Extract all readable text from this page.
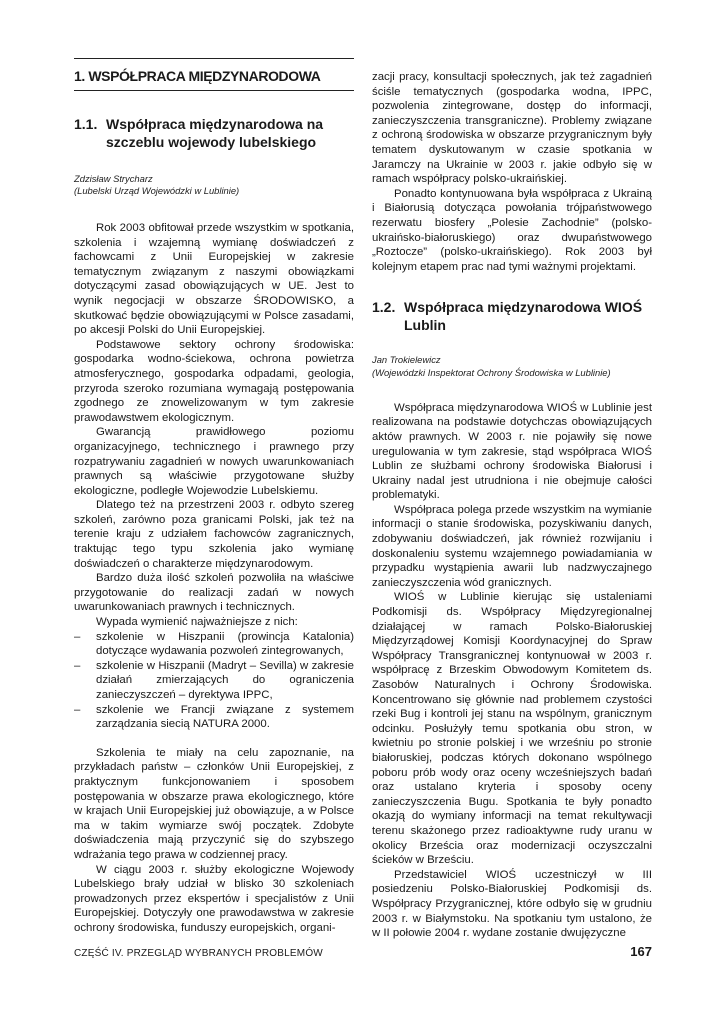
1. WSPÓŁPRACA MIĘDZYNARODOWA
1.1. Współpraca międzynarodowa na szczeblu wojewody lubelskiego

Zdzisław Strycharz

(Lubelski Urząd Wojewódzki w Lublinie)

Rok 2003 obfitował przede wszystkim w spotkania, szkolenia i wzajemną wymianę doświadczeń z fachowcami z Unii Europejskiej w zakresie tematycznym związanym z naszymi obowiązkami dotyczącymi zasad obowiązujących w UE. Jest to wynik negocjacji w obszarze ŚRODOWISKO, a skutkować będzie obowiązującymi w Polsce zasadami, po akcesji Polski do Unii Europejskiej.

Podstawowe sektory ochrony środowiska: gospodarka wodno-ściekowa, ochrona powietrza atmosferycznego, gospodarka odpadami, geologia, przyroda szeroko rozumiana wymagają postępowania zgodnego ze znowelizowanym w tym zakresie prawodawstwem ekologicznym.

Gwarancją prawidłowego poziomu organizacyjnego, technicznego i prawnego przy rozpatrywaniu zagadnień w nowych uwarunkowaniach prawnych są właściwie przygotowane służby ekologiczne, podległe Wojewodzie Lubelskiemu.

Dlatego też na przestrzeni 2003 r. odbyto szereg szkoleń, zarówno poza granicami Polski, jak też na terenie kraju z udziałem fachowców zagranicznych, traktując tego typu szkolenia jako wymianę doświadczeń o charakterze międzynarodowym.

Bardzo duża ilość szkoleń pozwoliła na właściwe przygotowanie do realizacji zadań w nowych uwarunkowaniach prawnych i technicznych.

Wypada wymienić najważniejsze z nich:

– szkolenie w Hiszpanii (prowincja Katalonia) dotyczące wydawania pozwoleń zintegrowanych,
– szkolenie w Hiszpanii (Madryt – Sevilla) w zakresie działań zmierzających do ograniczenia zanieczyszczeń – dyrektywa IPPC,
– szkolenie we Francji związane z systemem zarządzania siecią NATURA 2000.

Szkolenia te miały na celu zapoznanie, na przykładach państw – członków Unii Europejskiej, z praktycznym funkcjonowaniem i sposobem postępowania w obszarze prawa ekologicznego, które w krajach Unii Europejskiej już obowiązuje, a w Polsce ma w takim wymiarze swój początek. Zdobyte doświadczenia mają przyczynić się do szybszego wdrażania tego prawa w codziennej pracy.

W ciągu 2003 r. służby ekologiczne Wojewody Lubelskiego brały udział w blisko 30 szkoleniach prowadzonych przez ekspertów i specjalistów z Unii Europejskiej. Dotyczyły one prawodawstwa w zakresie ochrony środowiska, funduszy europejskich, organi-

zacji pracy, konsultacji społecznych, jak też zagadnień ściśle tematycznych (gospodarka wodna, IPPC, pozwolenia zintegrowane, dostęp do informacji, zanieczyszczenia transgraniczne). Problemy związane z ochroną środowiska w obszarze przygranicznym były tematem dyskutowanym w czasie spotkania w Jaramczy na Ukrainie w 2003 r. jakie odbyło się w ramach współpracy polsko-ukraińskiej.

Ponadto kontynuowana była współpraca z Ukrainą i Białorusią dotycząca powołania trójpaństwowego rezerwatu biosfery „Polesie Zachodnie” (polsko-ukraińsko-białoruskiego) oraz dwupaństwowego „Roztocze” (polsko-ukraińskiego). Rok 2003 był kolejnym etapem prac nad tymi ważnymi projektami.

1.2. Współpraca międzynarodowa WIOŚ Lublin

Jan Trokielewicz

(Wojewódzki Inspektorat Ochrony Środowiska w Lublinie)

Współpraca międzynarodowa WIOŚ w Lublinie jest realizowana na podstawie dotychczas obowiązujących aktów prawnych. W 2003 r. nie pojawiły się nowe uregulowania w tym zakresie, stąd współpraca WIOŚ Lublin ze służbami ochrony środowiska Białorusi i Ukrainy nadal jest utrudniona i nie obejmuje całości problematyki.

Współpraca polega przede wszystkim na wymianie informacji o stanie środowiska, pozyskiwaniu danych, zdobywaniu doświadczeń, jak również rozwijaniu i doskonaleniu systemu wzajemnego powiadamiania w przypadku wystąpienia awarii lub nadzwyczajnego zanieczyszczenia wód granicznych.

WIOŚ w Lublinie kierując się ustaleniami Podkomisji ds. Współpracy Międzyregionalnej działającej w ramach Polsko-Białoruskiej Międzyrządowej Komisji Koordynacyjnej do Spraw Współpracy Transgranicznej kontynuował w 2003 r. współpracę z Brzeskim Obwodowym Komitetem ds. Zasobów Naturalnych i Ochrony Środowiska. Koncentrowano się głównie nad problemem czystości rzeki Bug i kontroli jej stanu na wspólnym, granicznym odcinku. Posłużyły temu spotkania obu stron, w kwietniu po stronie polskiej i we wrześniu po stronie białoruskiej, podczas których dokonano wspólnego poboru prób wody oraz oceny wcześniejszych badań oraz ustalano kryteria i sposoby oceny zanieczyszczenia Bugu. Spotkania te były ponadto okazją do wymiany informacji na temat rekultywacji terenu skażonego przez radioaktywne rudy uranu w okolicy Brześcia oraz modernizacji oczyszczalni ścieków w Brześciu.

Przedstawiciel WIOŚ uczestniczył w III posiedzeniu Polsko-Białoruskiej Podkomisji ds. Współpracy Przygranicznej, które odbyło się w grudniu 2003 r. w Białymstoku. Na spotkaniu tym ustalono, że w II połowie 2004 r. wydane zostanie dwujęzyczne

CZĘŚĆ IV. PRZEGLĄD WYBRANYCH PROBLEMÓW	167
